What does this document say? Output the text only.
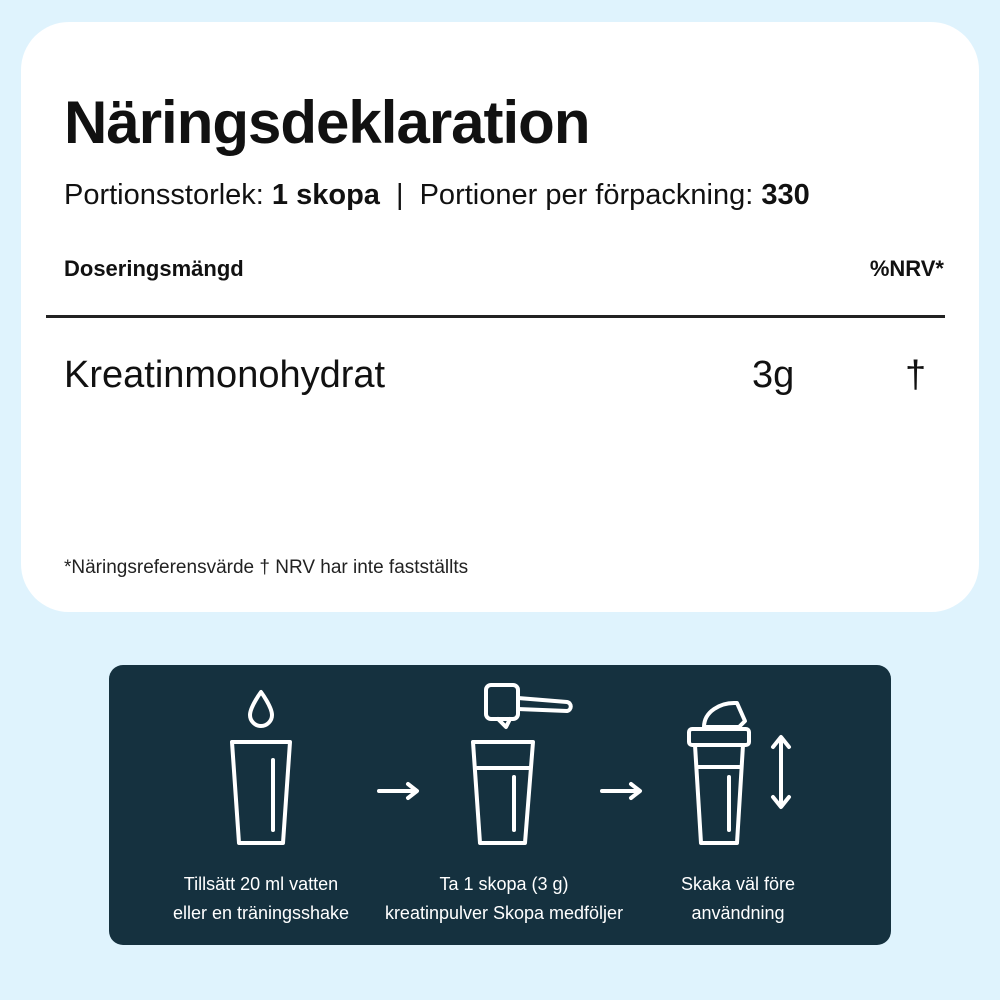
Näringsdeklaration
Portionsstorlek: 1 skopa | Portioner per förpackning: 330
Doseringsmängd	%NRV*
Kreatinmonohydrat	3g	†
*Näringsreferensvärde † NRV har inte fastställts
Tillsätt 20 ml vatten
eller en träningsshake
Ta 1 skopa (3 g)
kreatinpulver Skopa medföljer
Skaka väl före
användning
